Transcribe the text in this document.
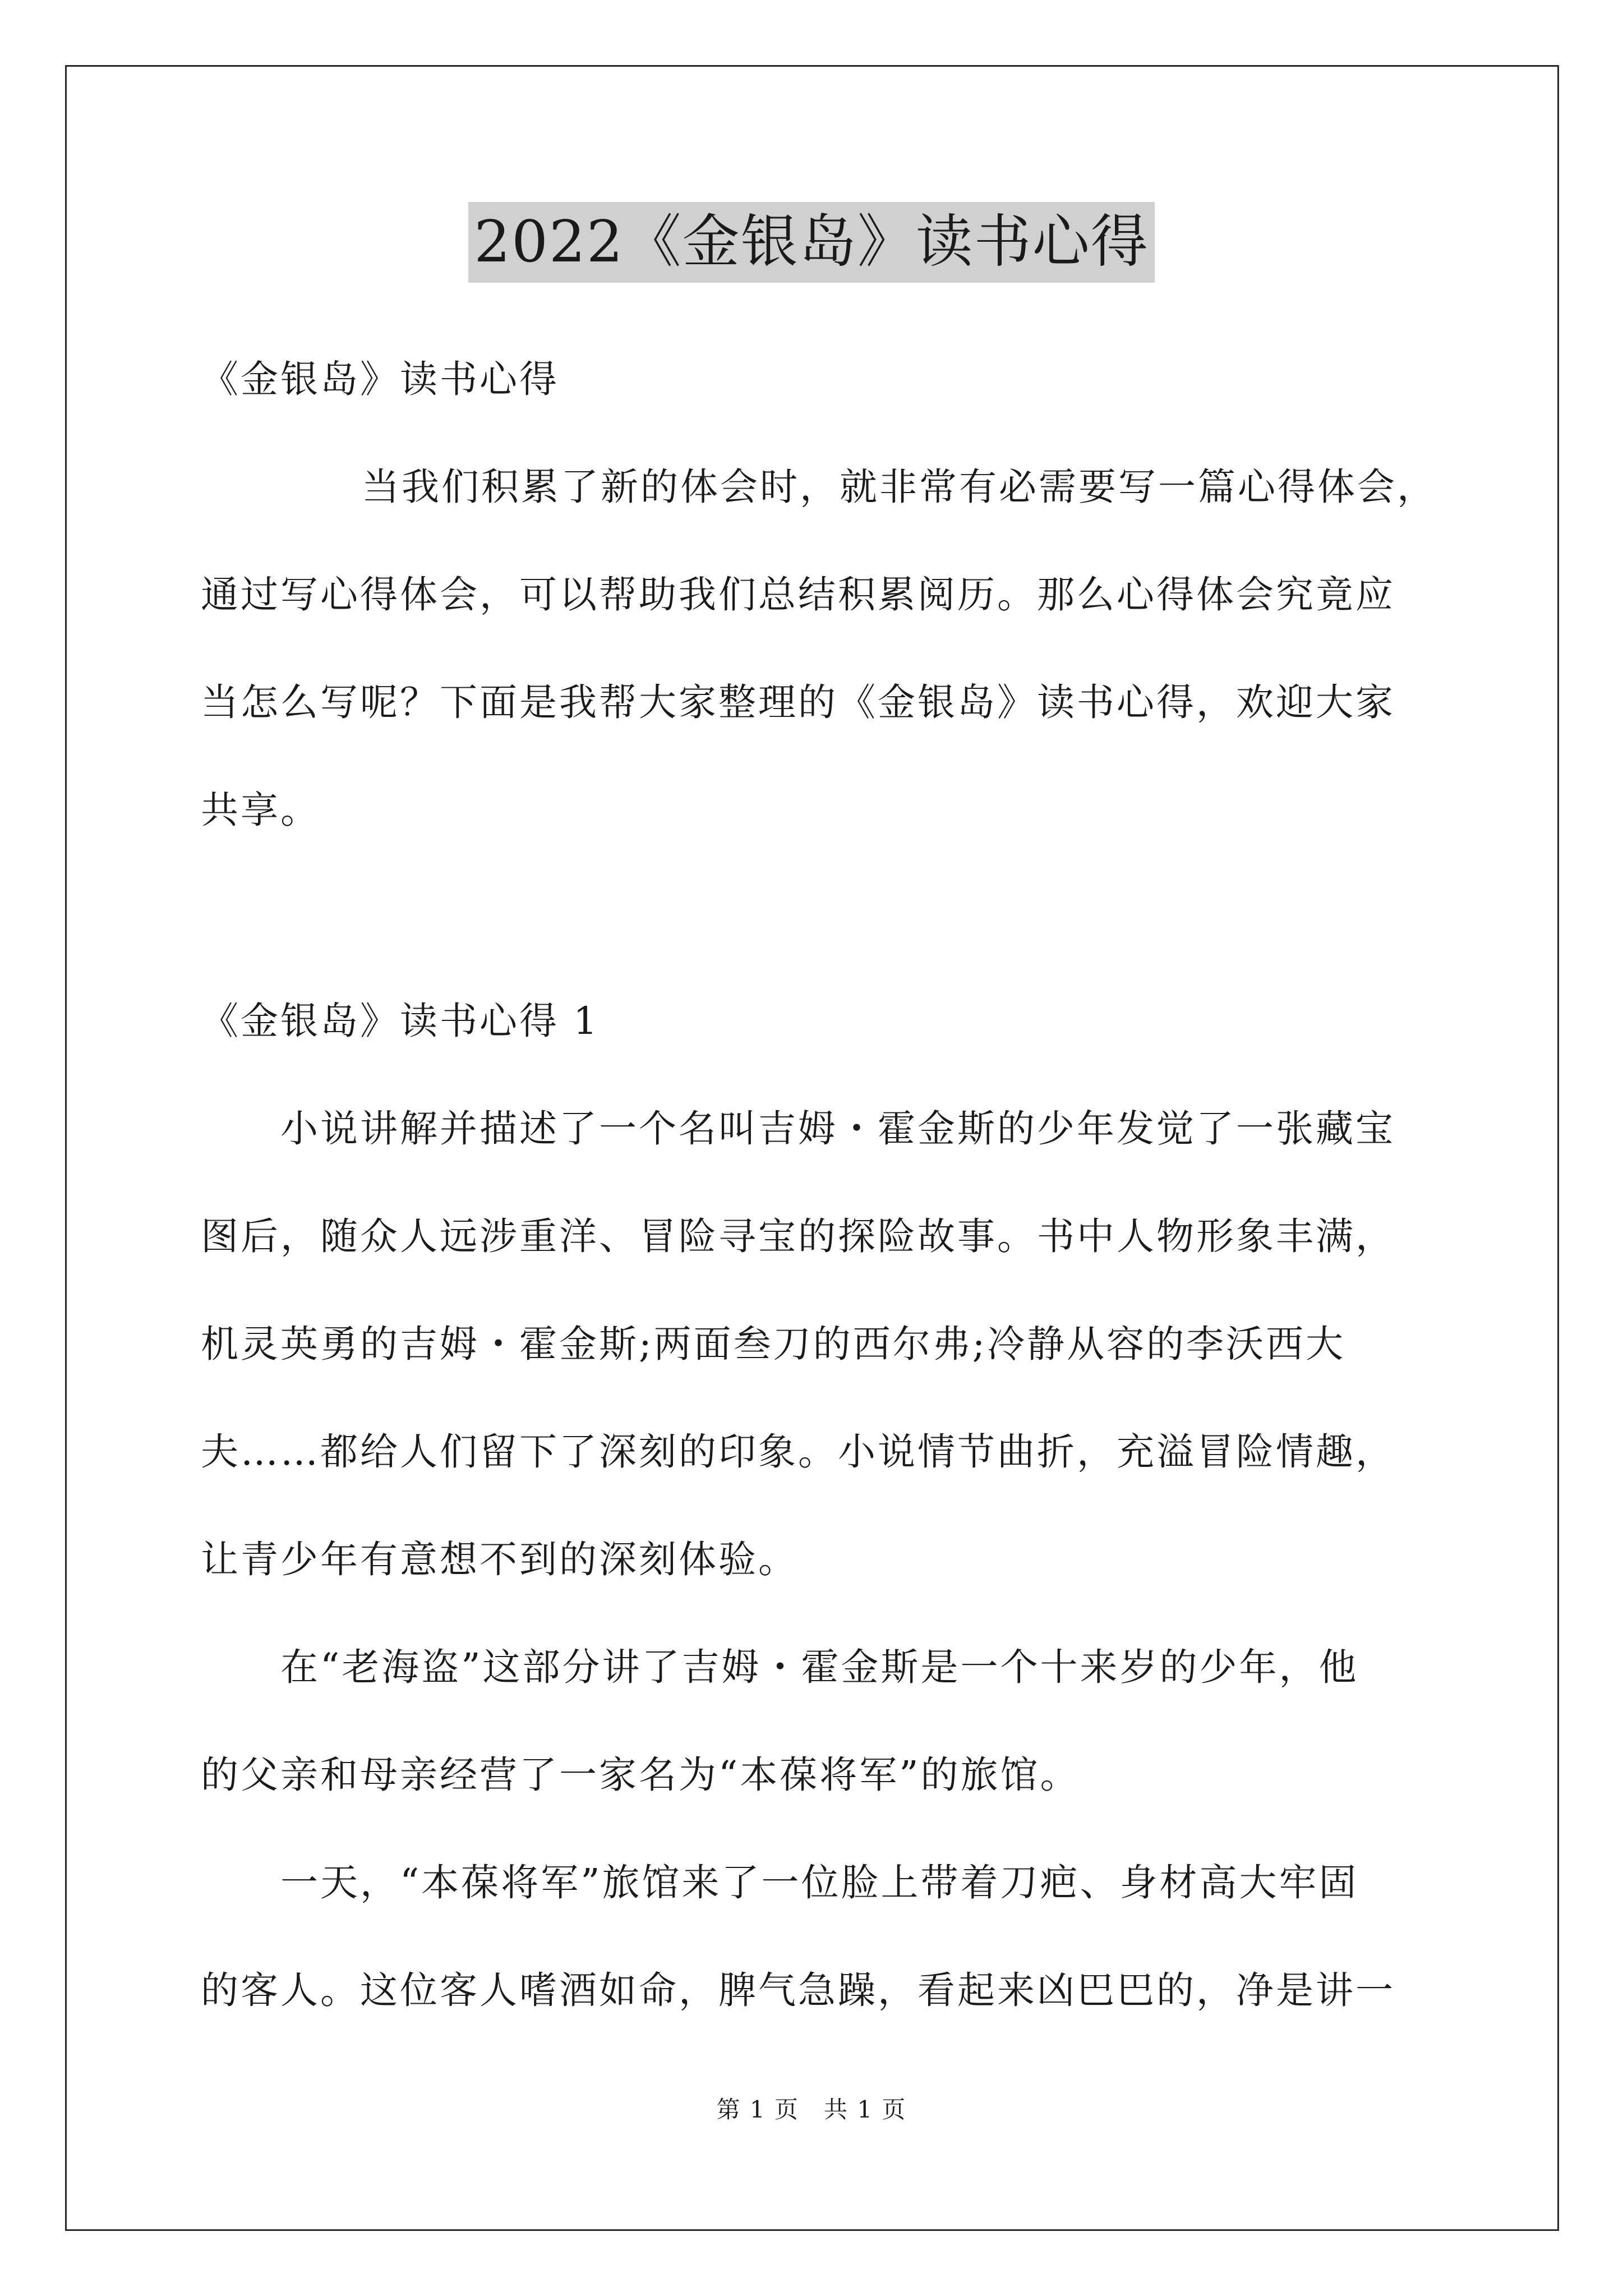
2022《金银岛》读书心得
《金银岛》读书心得
当我们积累了新的体会时，就非常有必需要写一篇心得体会，
通过写心得体会，可以帮助我们总结积累阅历。那么心得体会究竟应
当怎么写呢？下面是我帮大家整理的《金银岛》读书心得，欢迎大家
共享。
《金银岛》读书心得 1
小说讲解并描述了一个名叫吉姆・霍金斯的少年发觉了一张藏宝
图后，随众人远涉重洋、冒险寻宝的探险故事。书中人物形象丰满，
机灵英勇的吉姆・霍金斯;两面叁刀的西尔弗;冷静从容的李沃西大
夫……都给人们留下了深刻的印象。小说情节曲折，充溢冒险情趣，
让青少年有意想不到的深刻体验。
在“老海盗”这部分讲了吉姆・霍金斯是一个十来岁的少年，他
的父亲和母亲经营了一家名为“本葆将军”的旅馆。
一天，“本葆将军”旅馆来了一位脸上带着刀疤、身材高大牢固
的客人。这位客人嗜酒如命，脾气急躁，看起来凶巴巴的，净是讲一
第 1 页　共 1 页
